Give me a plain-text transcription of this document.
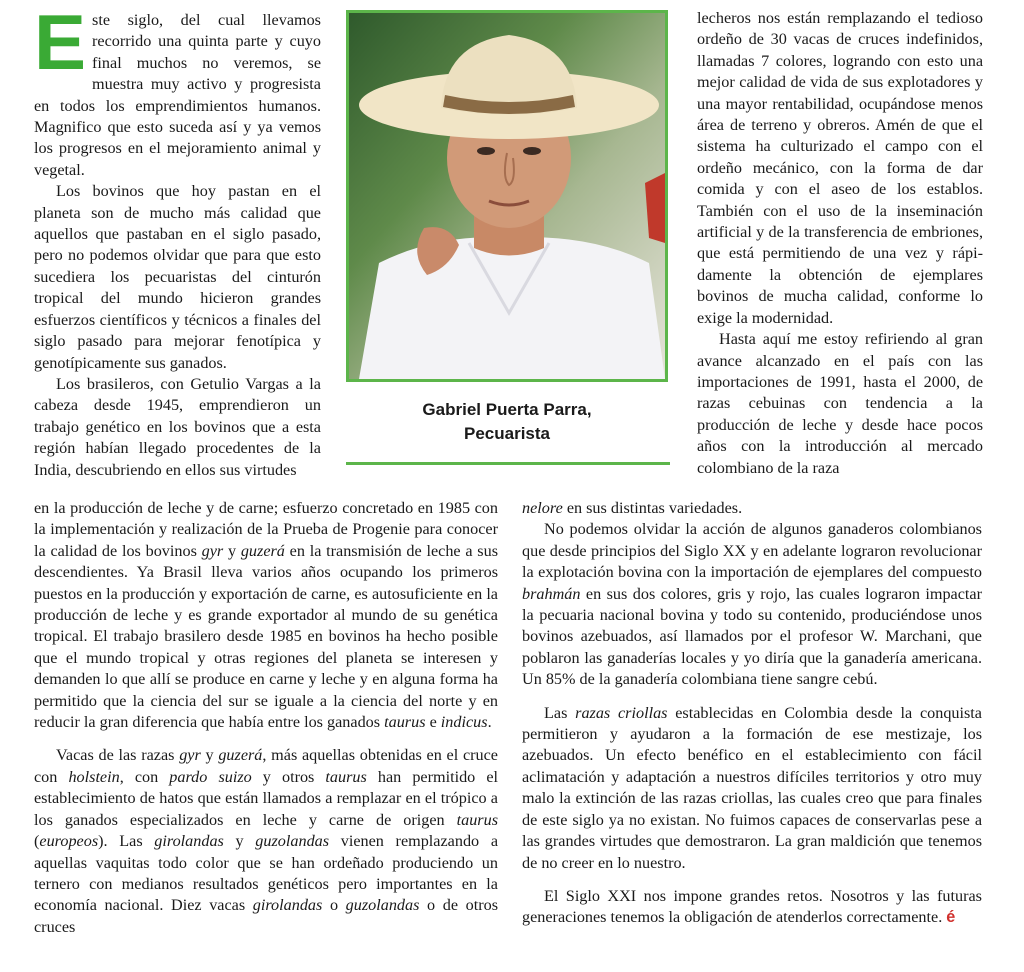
Este siglo, del cual llevamos recorrido una quinta parte y cuyo final muchos no veremos, se muestra muy activo y progresista en todos los emprendimientos humanos. Magnifico que esto suceda así y ya vemos los progresos en el mejoramiento animal y vegetal.

Los bovinos que hoy pastan en el planeta son de mucho más calidad que aquellos que pastaban en el siglo pasado, pero no podemos olvidar que para que esto sucediera los pecuaristas del cinturón tropical del mundo hicieron grandes esfuerzos científicos y técnicos a finales del siglo pasado para mejorar fenotípica y genotípicamente sus ganados.

Los brasileros, con Getulio Vargas a la cabeza desde 1945, emprendieron un trabajo genético en los bovinos que a esta región habían llegado procedentes de la India, descubriendo en ellos sus virtudes

Gabriel Puerta Parra,
Pecuarista

lecheros nos están remplazando el tedioso ordeño de 30 vacas de cruces indefinidos, llamadas 7 colores, logrando con esto una mejor calidad de vida de sus explotadores y una mayor rentabilidad, ocupándose menos área de terreno y obreros. Amén de que el sistema ha culturizado el campo con el ordeño mecánico, con la forma de dar comida y con el aseo de los establos. También con el uso de la inseminación artificial y de la transferencia de embriones, que está permitiendo de una vez y rápidamente la obtención de ejemplares bovinos de mucha calidad, conforme lo exige la modernidad.

Hasta aquí me estoy refiriendo al gran avance alcanzado en el país con las importaciones de 1991, hasta el 2000, de razas cebuinas con tendencia a la producción de leche y desde hace pocos años con la introducción al mercado colombiano de la raza

en la producción de leche y de carne; esfuerzo concretado en 1985 con la implementación y realización de la Prueba de Progenie para conocer la calidad de los bovinos gyr y guzerá en la transmisión de leche a sus descendientes. Ya Brasil lleva varios años ocupando los primeros puestos en la producción y exportación de carne, es autosuficiente en la producción de leche y es grande exportador al mundo de su genética tropical. El trabajo brasilero desde 1985 en bovinos ha hecho posible que el mundo tropical y otras regiones del planeta se interesen y demanden lo que allí se produce en carne y leche y en alguna forma ha permitido que la ciencia del sur se iguale a la ciencia del norte y en reducir la gran diferencia que había entre los ganados taurus e indicus.

Vacas de las razas gyr y guzerá, más aquellas obtenidas en el cruce con holstein, con pardo suizo y otros taurus han permitido el establecimiento de hatos que están llamados a remplazar en el trópico a los ganados especializados en leche y carne de origen taurus (europeos). Las girolandas y guzolandas vienen remplazando a aquellas vaquitas todo color que se han ordeñado produciendo un ternero con medianos resultados genéticos pero importantes en la economía nacional. Diez vacas girolandas o guzolandas o de otros cruces

nelore en sus distintas variedades.

No podemos olvidar la acción de algunos ganaderos colombianos que desde principios del Siglo XX y en adelante lograron revolucionar la explotación bovina con la importación de ejemplares del compuesto brahmán en sus dos colores, gris y rojo, las cuales lograron impactar la pecuaria nacional bovina y todo su contenido, produciéndose unos bovinos azebuados, así llamados por el profesor W. Marchani, que poblaron las ganaderías locales y yo diría que la ganadería americana. Un 85% de la ganadería colombiana tiene sangre cebú.

Las razas criollas establecidas en Colombia desde la conquista permitieron y ayudaron a la formación de ese mestizaje, los azebuados. Un efecto benéfico en el establecimiento con fácil aclimatación y adaptación a nuestros difíciles territorios y otro muy malo la extinción de las razas criollas, las cuales creo que para finales de este siglo ya no existan. No fuimos capaces de conservarlas pese a las grandes virtudes que demostraron. La gran maldición que tenemos de no creer en lo nuestro.

El Siglo XXI nos impone grandes retos. Nosotros y las futuras generaciones tenemos la obligación de atenderlos correctamente. é
